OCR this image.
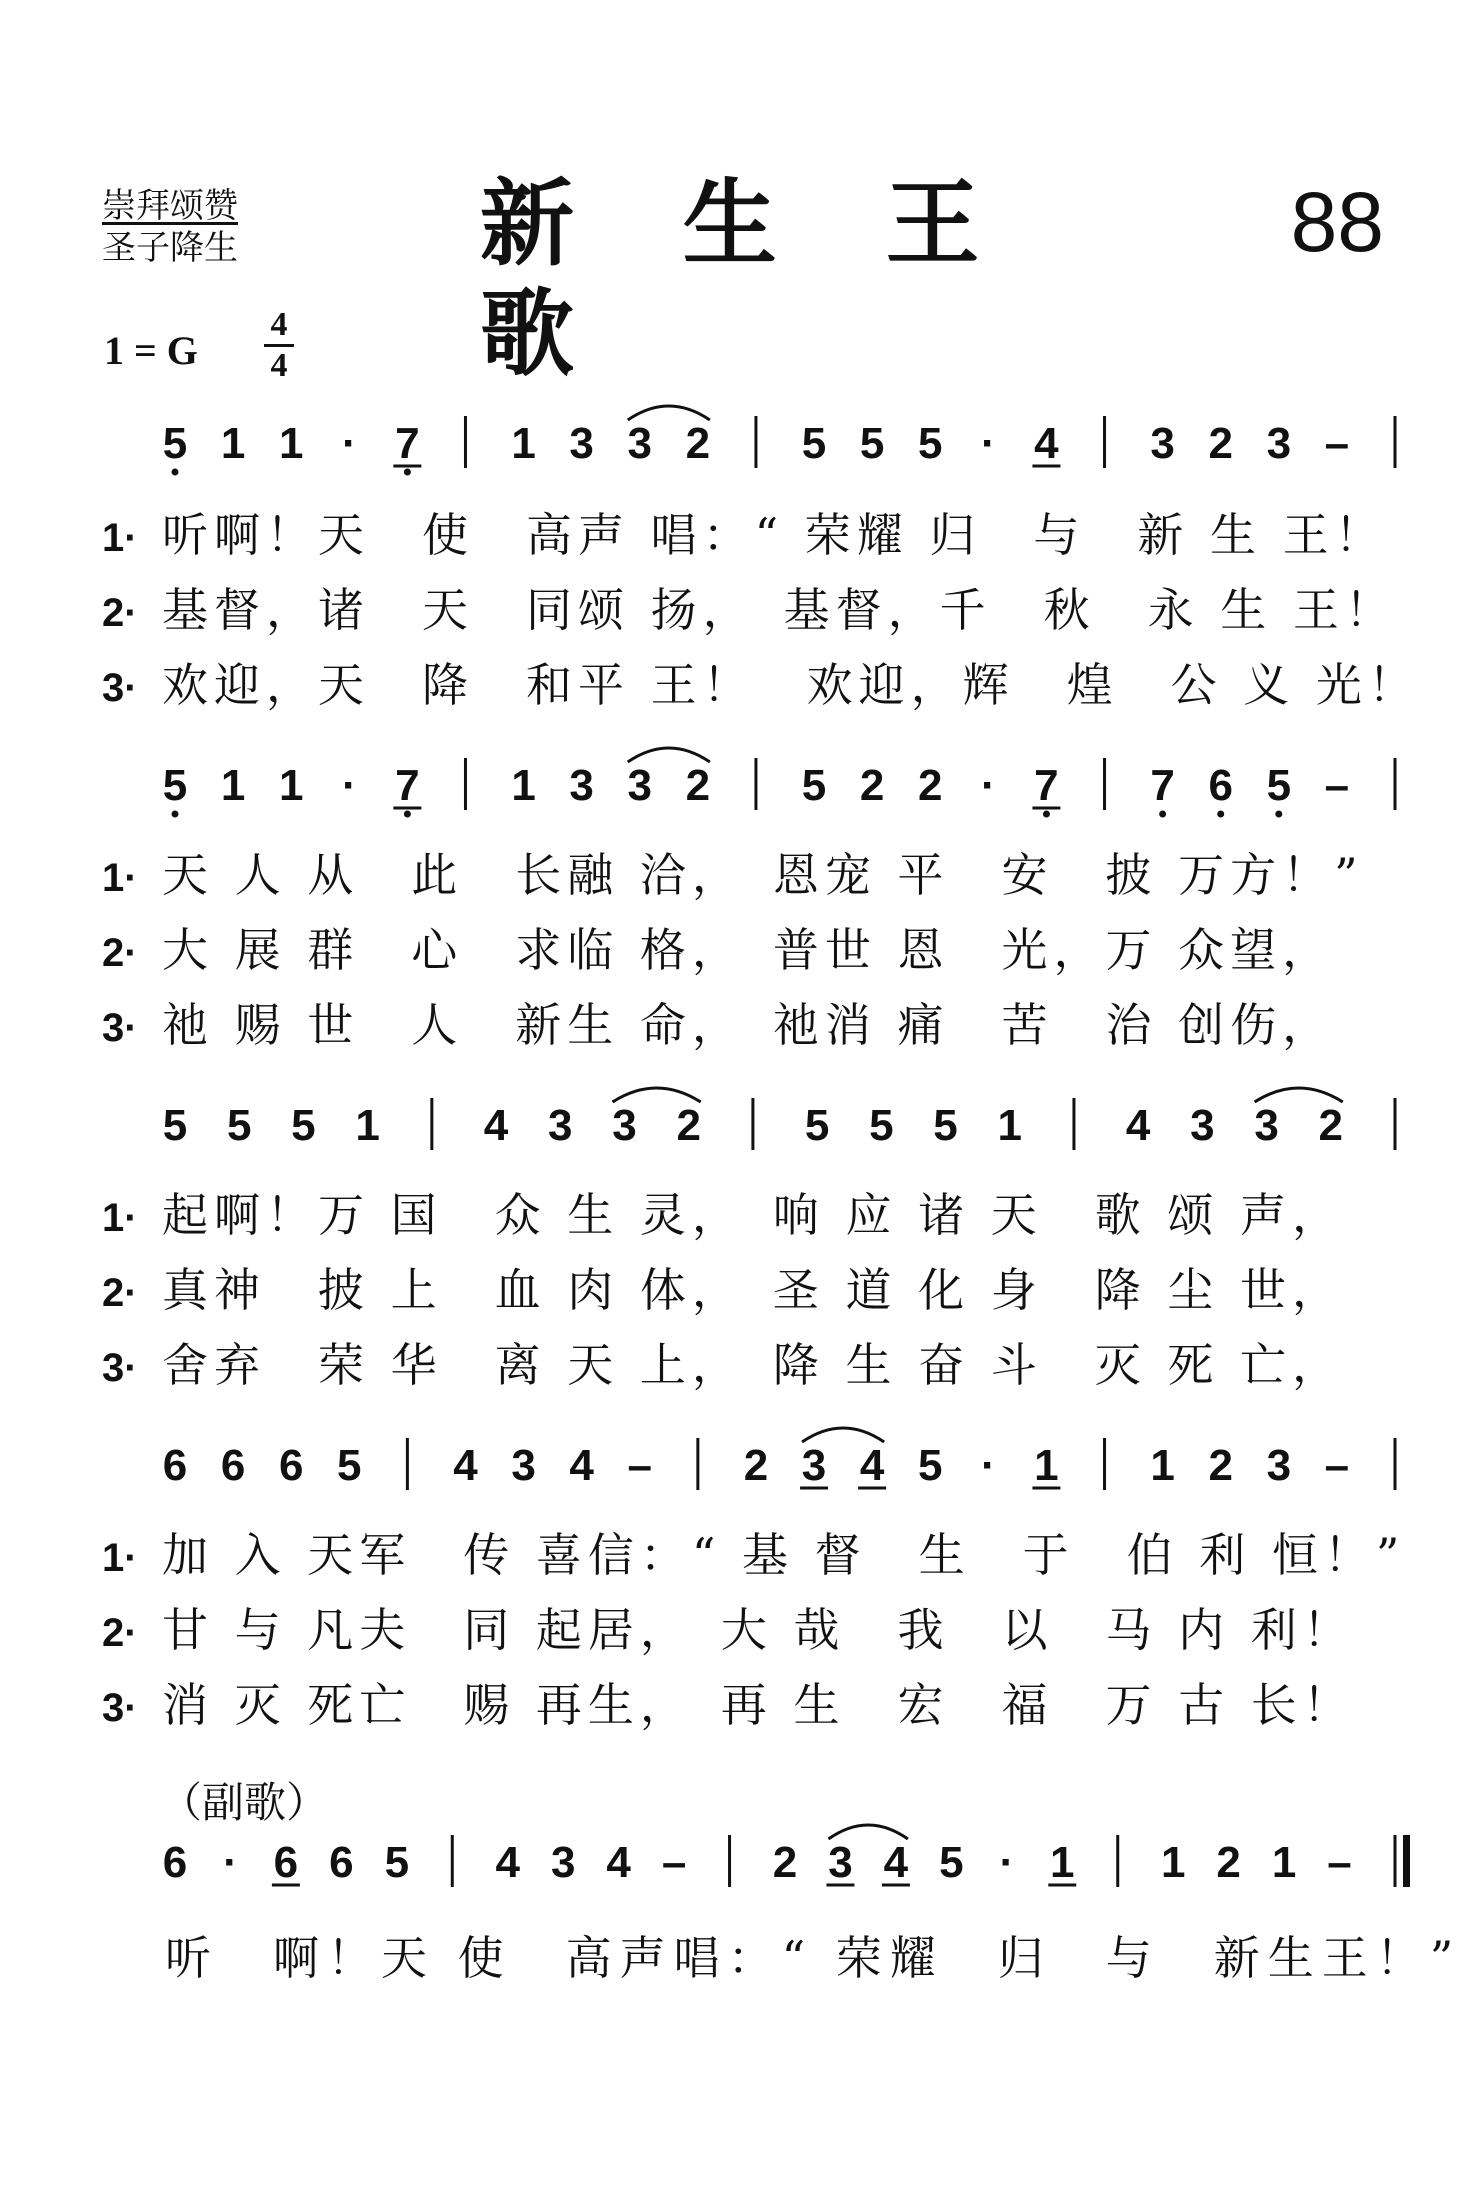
崇拜颂赞
圣子降生	新 生 王 歌
88
1 = G
4
4
5 1 1 · 7 1 3 3 2 5 5 5 · 4 3 2 3 –
5 1 1 · 7 1 3 3 2 5 2 2 · 7 7 6 5 –
5 5 5 1 4 3 3 2 5 5 5 1 4 3 3 2
6 6 6 5 4 3 4 – 2 3 4 5 · 1 1 2 3 –
6 · 6 6 5 4 3 4 – 2 3 4 5 · 1 1 2 1 –
1· 听啊！天　使　高声 唱：“ 荣耀 归　与　新 生 王！
2· 基督，诸　天　同颂 扬，　基督，千　秋　永 生 王！
3· 欢迎，天　降　和平 王！　欢迎，辉　煌　公 义 光！
1· 天 人 从　此　长融 洽，　恩宠 平　安　披 万方！”
2· 大 展 群　心　求临 格，　普世 恩　光，万 众望，
3· 祂 赐 世　人　新生 命，　祂消 痛　苦　治 创伤，
1· 起啊！万 国　众 生 灵，　响 应 诸 天　歌 颂 声，
2· 真神　披 上　血 肉 体，　圣 道 化 身　降 尘 世，
3· 舍弃　荣 华　离 天 上，　降 生 奋 斗　灭 死 亡，
1· 加 入 天军　传 喜信：“ 基 督　生　于　伯 利 恒！”
2· 甘 与 凡夫　同 起居，　大 哉　我　以　马 内 利！
3· 消 灭 死亡　赐 再生，　再 生　宏　福　万 古 长！
（副歌）
听　啊！天 使　高声唱：“ 荣耀　归　与　新生王！”
